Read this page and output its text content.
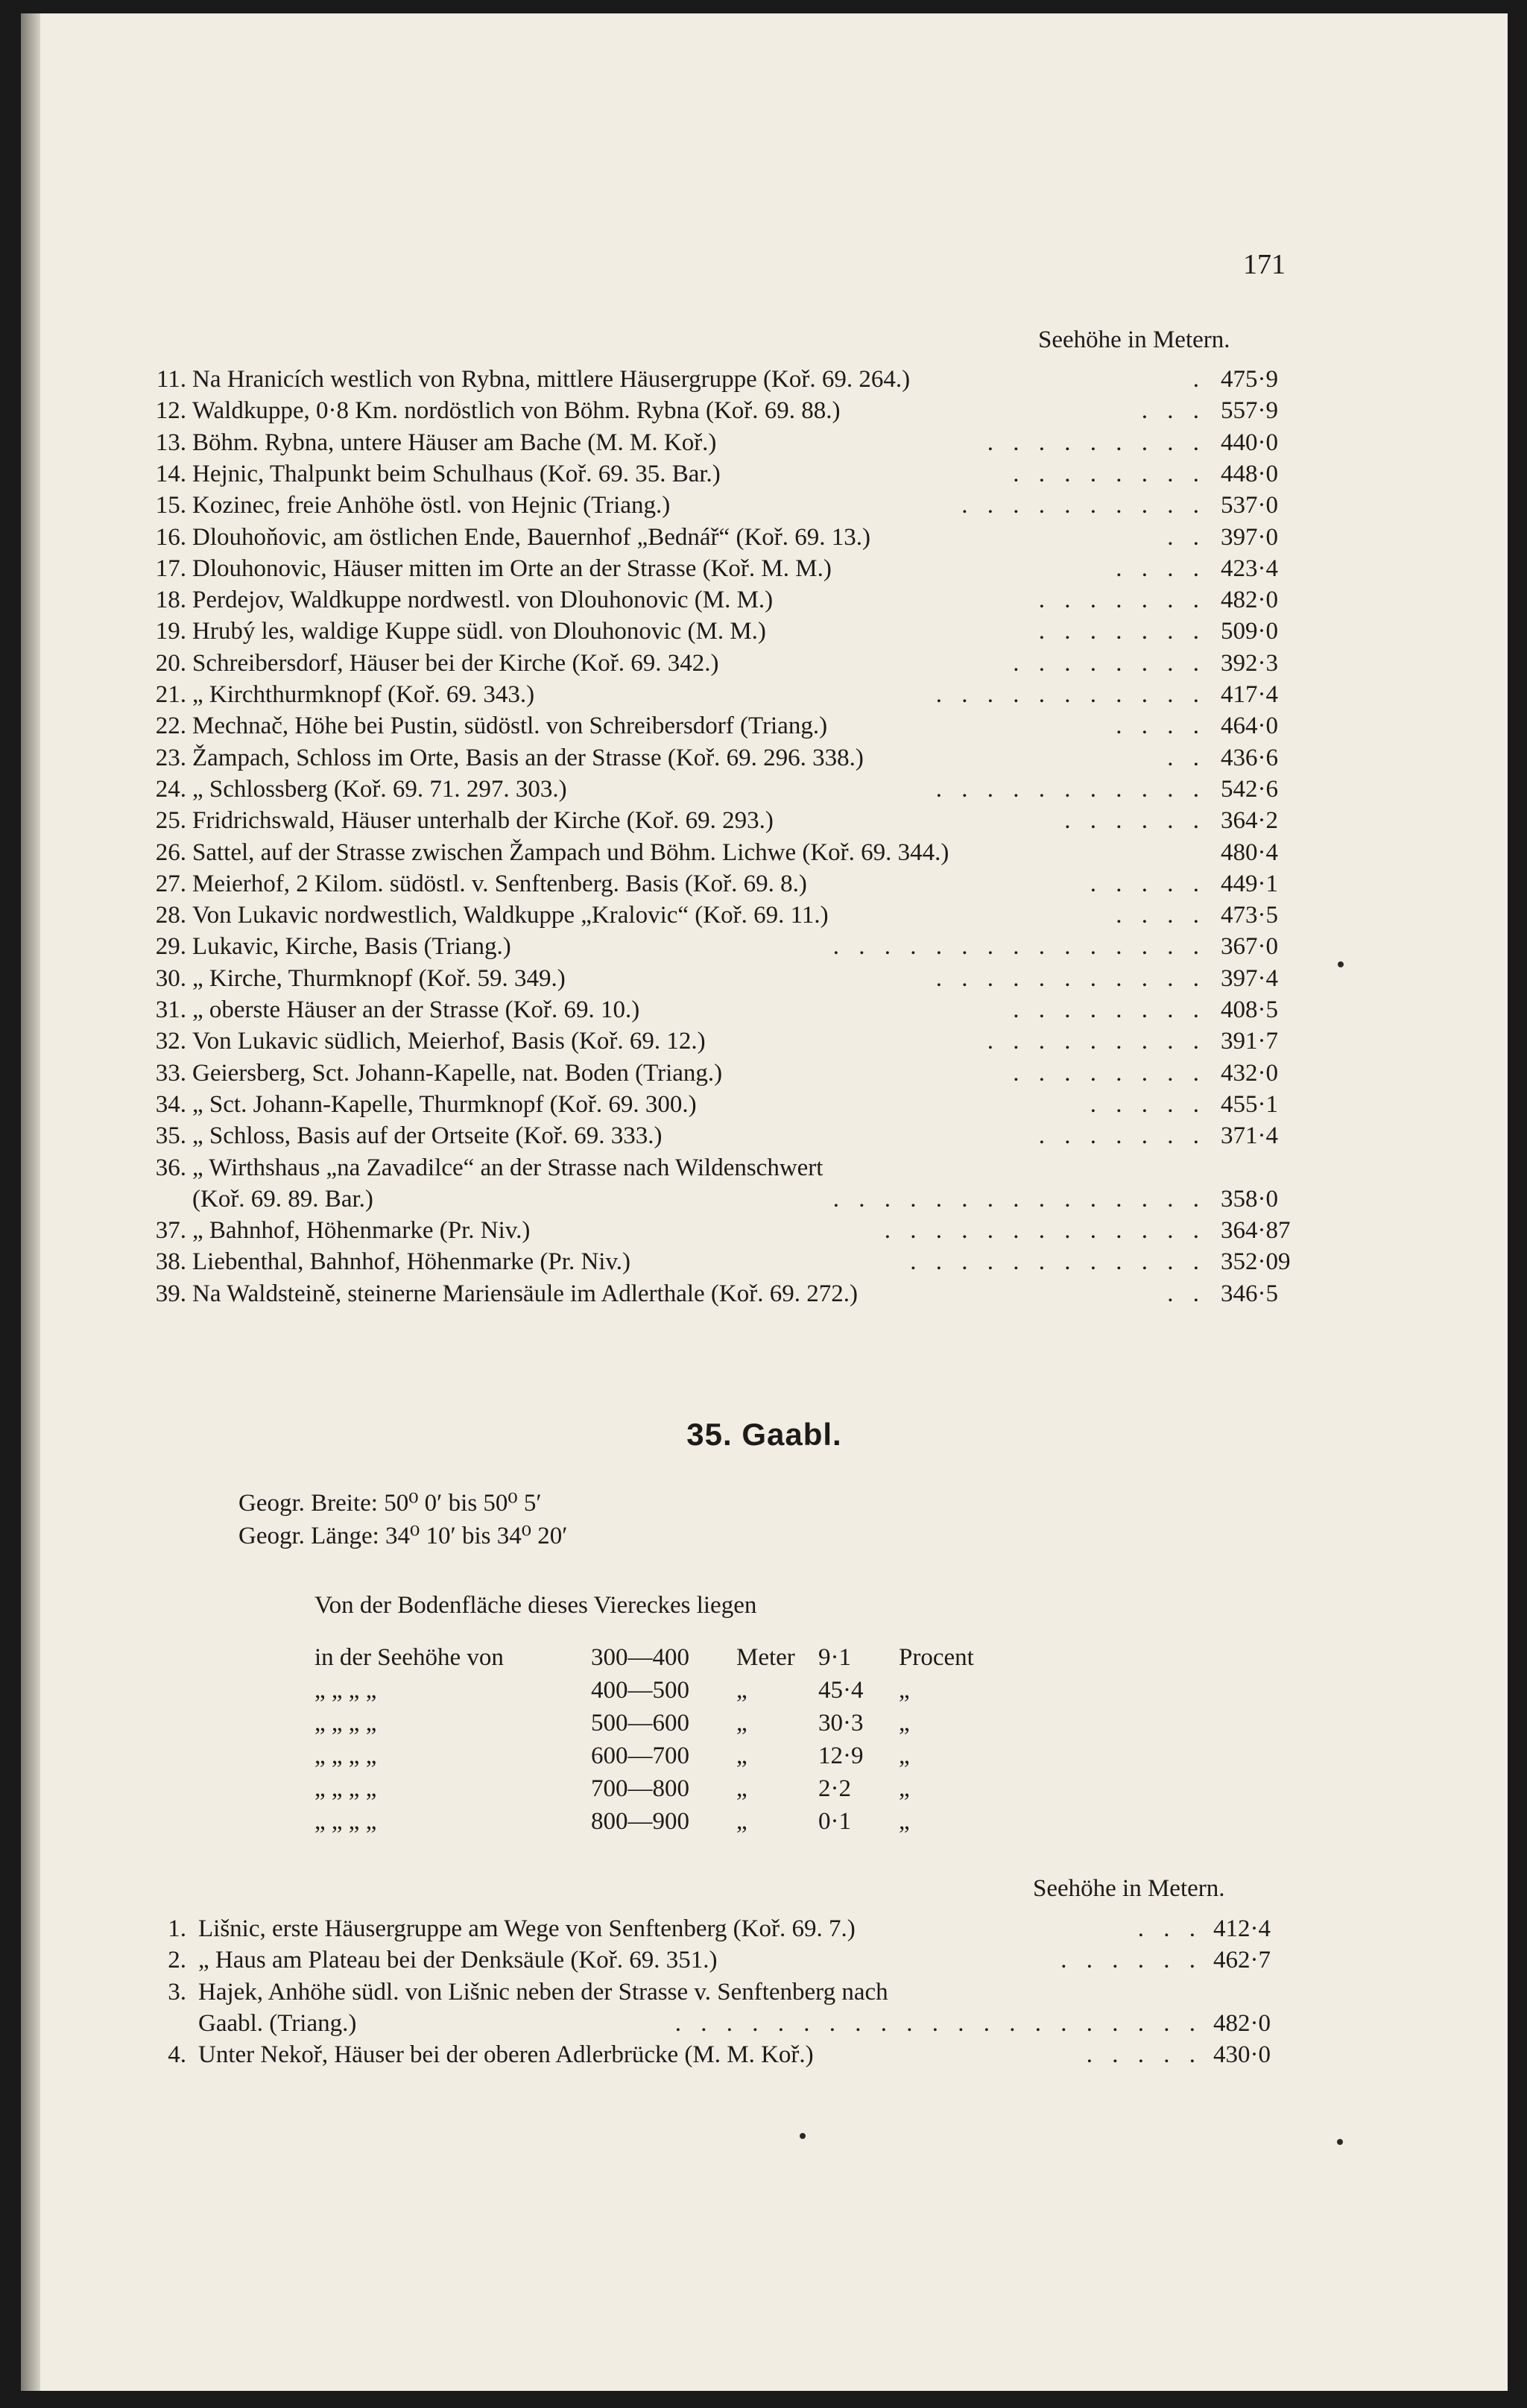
171
Seehöhe in Metern.
11. Na Hranicích westlich von Rybna, mittlere Häusergruppe (Koř. 69. 264.)	. 475·9
12. Waldkuppe, 0·8 Km. nordöstlich von Böhm. Rybna (Koř. 69. 88.)	. . . 557·9
13. Böhm. Rybna, untere Häuser am Bache (M. M. Koř.)	. . . . . . . . . 440·0
14. Hejnic, Thalpunkt beim Schulhaus (Koř. 69. 35. Bar.)	. . . . . . . . 448·0
15. Kozinec, freie Anhöhe östl. von Hejnic (Triang.)	. . . . . . . . . . 537·0
16. Dlouhoňovic, am östlichen Ende, Bauernhof „Bednář“ (Koř. 69. 13.)	. . 397·0
17. Dlouhonovic, Häuser mitten im Orte an der Strasse (Koř. M. M.)	. . . . 423·4
18. Perdejov, Waldkuppe nordwestl. von Dlouhonovic (M. M.)	. . . . . . . 482·0
19. Hrubý les, waldige Kuppe südl. von Dlouhonovic (M. M.)	. . . . . . . 509·0
20. Schreibersdorf, Häuser bei der Kirche (Koř. 69. 342.)	. . . . . . . . 392·3
21. „ Kirchthurmknopf (Koř. 69. 343.)	. . . . . . . . . . . 417·4
22. Mechnač, Höhe bei Pustin, südöstl. von Schreibersdorf (Triang.)	. . . . 464·0
23. Žampach, Schloss im Orte, Basis an der Strasse (Koř. 69. 296. 338.)	. . 436·6
24. „ Schlossberg (Koř. 69. 71. 297. 303.)	. . . . . . . . . . . 542·6
25. Fridrichswald, Häuser unterhalb der Kirche (Koř. 69. 293.)	. . . . . . 364·2
26. Sattel, auf der Strasse zwischen Žampach und Böhm. Lichwe (Koř. 69. 344.)	480·4
27. Meierhof, 2 Kilom. südöstl. v. Senftenberg. Basis (Koř. 69. 8.)	. . . . . 449·1
28. Von Lukavic nordwestlich, Waldkuppe „Kralovic“ (Koř. 69. 11.)	. . . . 473·5
29. Lukavic, Kirche, Basis (Triang.)	. . . . . . . . . . . . . . . 367·0
30. „ Kirche, Thurmknopf (Koř. 59. 349.)	. . . . . . . . . . . 397·4
31. „ oberste Häuser an der Strasse (Koř. 69. 10.)	. . . . . . . . 408·5
32. Von Lukavic südlich, Meierhof, Basis (Koř. 69. 12.)	. . . . . . . . . 391·7
33. Geiersberg, Sct. Johann-Kapelle, nat. Boden (Triang.)	. . . . . . . . 432·0
34. „ Sct. Johann-Kapelle, Thurmknopf (Koř. 69. 300.)	. . . . . 455·1
35. „ Schloss, Basis auf der Ortseite (Koř. 69. 333.)	. . . . . . . 371·4
36. „ Wirthshaus „na Zavadilce“ an der Strasse nach Wildenschwert
(Koř. 69. 89. Bar.)	. . . . . . . . . . . . . . . 358·0
37. „ Bahnhof, Höhenmarke (Pr. Niv.)	. . . . . . . . . . . . . 364·87
38. Liebenthal, Bahnhof, Höhenmarke (Pr. Niv.)	. . . . . . . . . . . . 352·09
39. Na Waldsteině, steinerne Mariensäule im Adlerthale (Koř. 69. 272.)	. . 346·5
35. Gaabl.
Geogr. Breite: 50⁰ 0′ bis 50⁰ 5′
Geogr. Länge: 34⁰ 10′ bis 34⁰ 20′
Von der Bodenfläche dieses Viereckes liegen
in der Seehöhe von	300—400 Meter 9·1 Procent
„ „ „ „	400—500 „	45·4 „
„ „ „ „	500—600 „	30·3 „
„ „ „ „	600—700 „	12·9 „
„ „ „ „	700—800 „	2·2 „
„ „ „ „	800—900 „	0·1 „
Seehöhe in Metern.
1. Lišnic, erste Häusergruppe am Wege von Senftenberg (Koř. 69. 7.)	. . . 412·4
2. „ Haus am Plateau bei der Denksäule (Koř. 69. 351.)	. . . . . . 462·7
3. Hajek, Anhöhe südl. von Lišnic neben der Strasse v. Senftenberg nach
Gaabl. (Triang.)	. . . . . . . . . . . . . . . . . . . . . 482·0
4. Unter Nekoř, Häuser bei der oberen Adlerbrücke (M. M. Koř.)	. . . . . 430·0
